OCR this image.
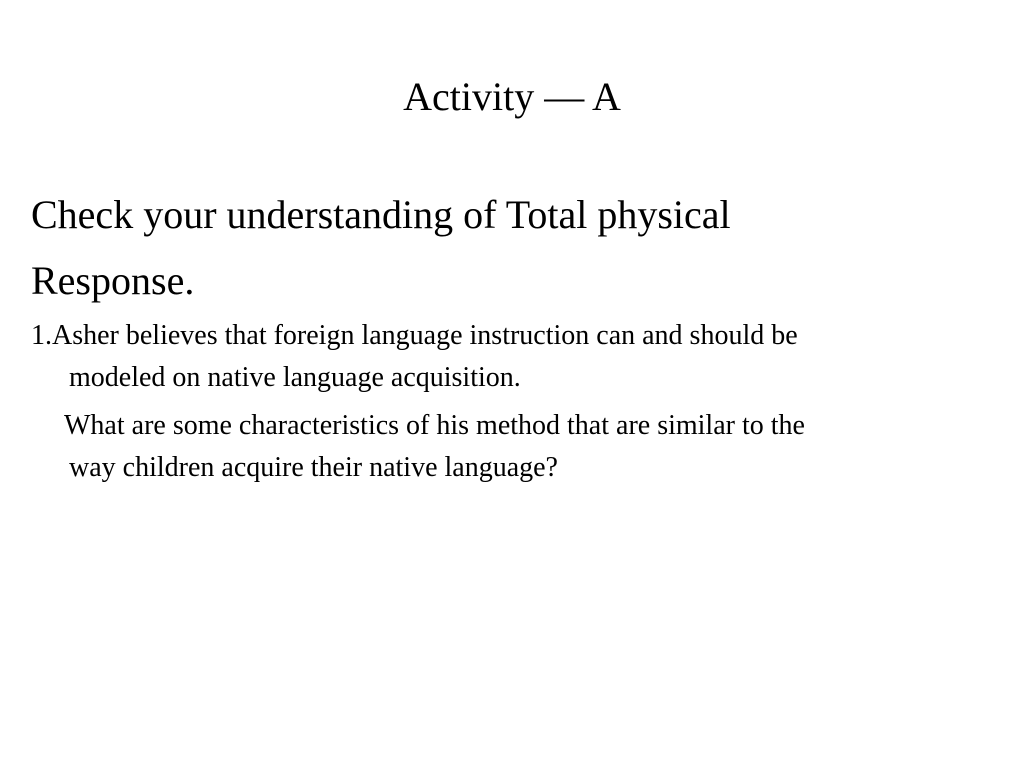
Activity — A
Check your understanding of Total physical
Response.
1.Asher believes that foreign language instruction can and should be
modeled on native language acquisition.
What are some characteristics of his method that are similar to the
way children acquire their native language?
